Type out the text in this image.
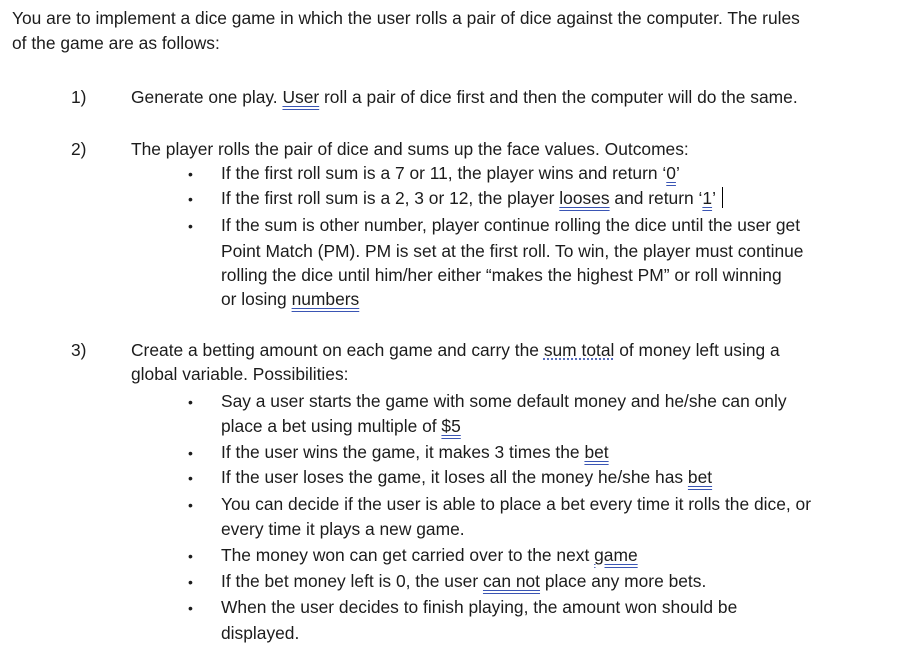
You are to implement a dice game in which the user rolls a pair of dice against the computer. The rules
of the game are as follows:
1)	Generate one play. User roll a pair of dice first and then the computer will do the same.
2)	The player rolls the pair of dice and sums up the face values. Outcomes:
• If the first roll sum is a 7 or 11, the player wins and return ‘0’
• If the first roll sum is a 2, 3 or 12, the player looses and return ‘1’
• If the sum is other number, player continue rolling the dice until the user get
Point Match (PM). PM is set at the first roll. To win, the player must continue
rolling the dice until him/her either “makes the highest PM” or roll winning
or losing numbers
3)	Create a betting amount on each game and carry the sum total of money left using a
global variable. Possibilities:
• Say a user starts the game with some default money and he/she can only
place a bet using multiple of $5
• If the user wins the game, it makes 3 times the bet
• If the user loses the game, it loses all the money he/she has bet
• You can decide if the user is able to place a bet every time it rolls the dice, or
every time it plays a new game.
• The money won can get carried over to the next game
• If the bet money left is 0, the user can not place any more bets.
• When the user decides to finish playing, the amount won should be
displayed.
